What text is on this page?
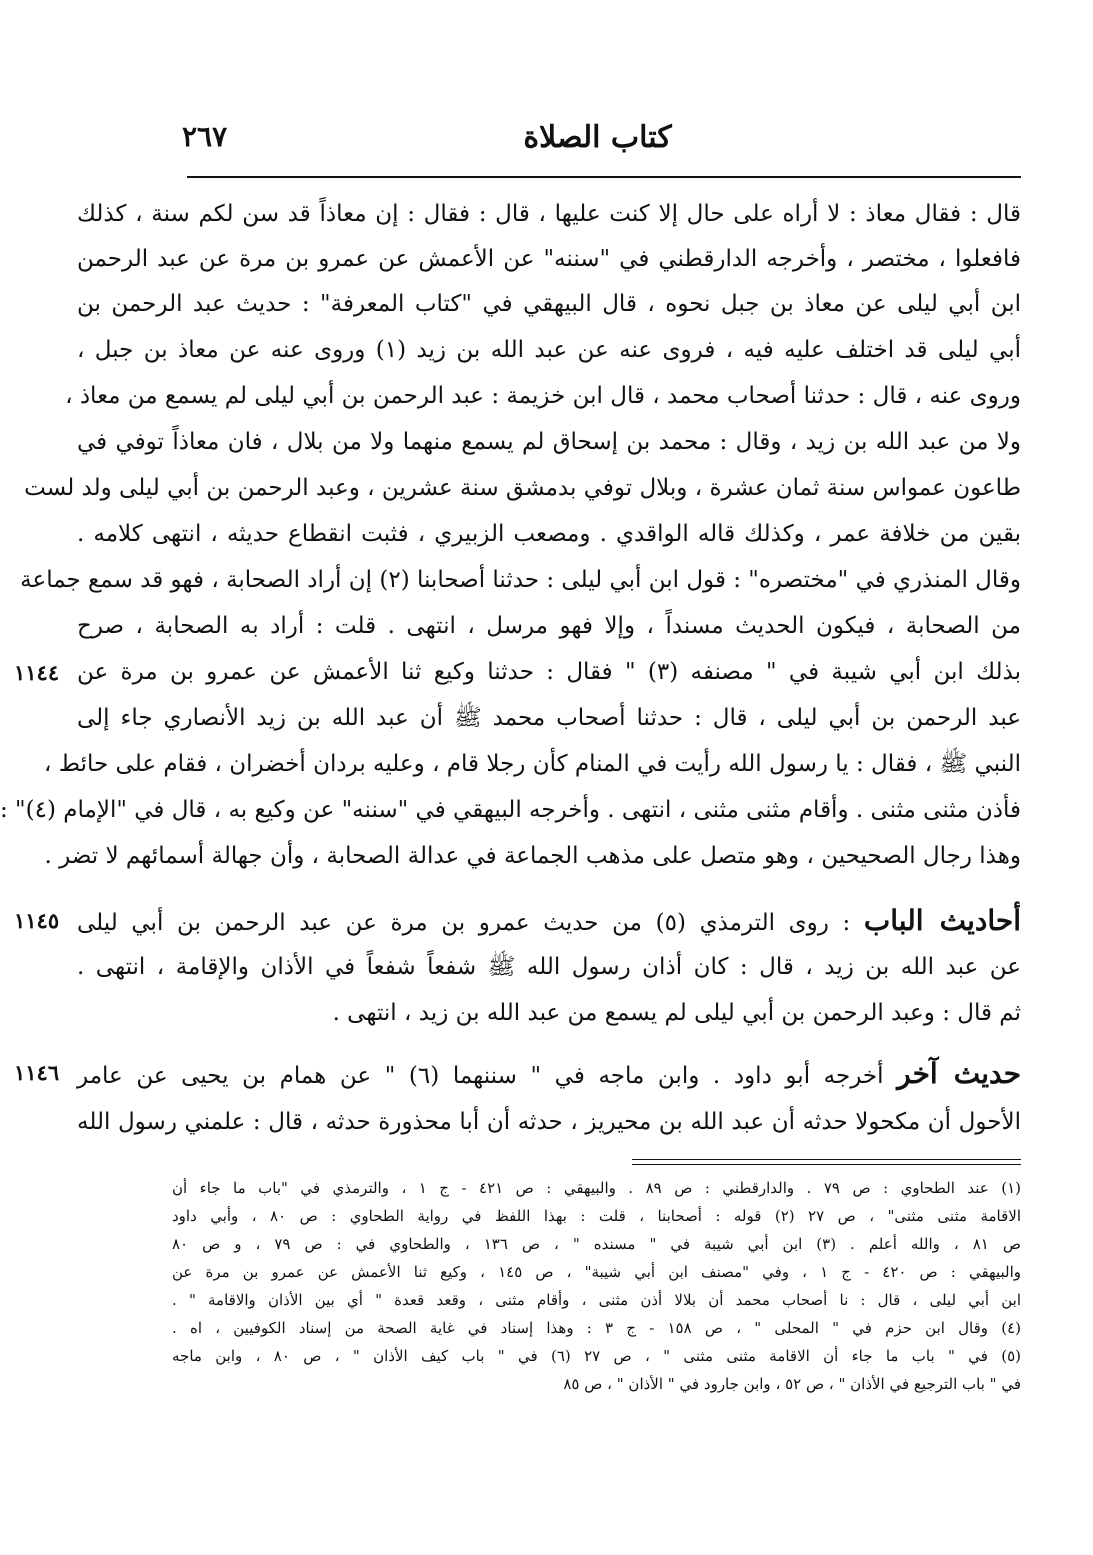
٢٦٧	كتاب الصلاة
قال : فقال معاذ : لا أراه على حال إلا كنت عليها ، قال : فقال : إن معاذاً قد سن لكم سنة ، كذلك
فافعلوا ، مختصر ، وأخرجه الدارقطني في "سننه" عن الأعمش عن عمرو بن مرة عن عبد الرحمن
ابن أبي ليلى عن معاذ بن جبل نحوه ، قال البيهقي في "كتاب المعرفة" : حديث عبد الرحمن بن
أبي ليلى قد اختلف عليه فيه ، فروى عنه عن عبد الله بن زيد (١) وروى عنه عن معاذ بن جبل ،
وروى عنه ، قال : حدثنا أصحاب محمد ، قال ابن خزيمة : عبد الرحمن بن أبي ليلى لم يسمع من معاذ ،
ولا من عبد الله بن زيد ، وقال : محمد بن إسحاق لم يسمع منهما ولا من بلال ، فان معاذاً توفي في
طاعون عمواس سنة ثمان عشرة ، وبلال توفي بدمشق سنة عشرين ، وعبد الرحمن بن أبي ليلى ولد لست
بقين من خلافة عمر ، وكذلك قاله الواقدي . ومصعب الزبيري ، فثبت انقطاع حديثه ، انتهى كلامه .
وقال المنذري في "مختصره" : قول ابن أبي ليلى : حدثنا أصحابنا (٢) إن أراد الصحابة ، فهو قد سمع جماعة
من الصحابة ، فيكون الحديث مسنداً ، وإلا فهو مرسل ، انتهى . قلت : أراد به الصحابة ، صرح
بذلك ابن أبي شيبة في " مصنفه (٣) " فقال : حدثنا وكيع ثنا الأعمش عن عمرو بن مرة عن
عبد الرحمن بن أبي ليلى ، قال : حدثنا أصحاب محمد ﷺ أن عبد الله بن زيد الأنصاري جاء إلى
النبي ﷺ ، فقال : يا رسول الله رأيت في المنام كأن رجلا قام ، وعليه بردان أخضران ، فقام على حائط ،
فأذن مثنى مثنى . وأقام مثنى مثنى ، انتهى . وأخرجه البيهقي في "سننه" عن وكيع به ، قال في "الإمام (٤)" :
وهذا رجال الصحيحين ، وهو متصل على مذهب الجماعة في عدالة الصحابة ، وأن جهالة أسمائهم لا تضر .
١١٤٤
أحاديث الباب : روى الترمذي (٥) من حديث عمرو بن مرة عن عبد الرحمن بن أبي ليلى
عن عبد الله بن زيد ، قال : كان أذان رسول الله ﷺ شفعاً شفعاً في الأذان والإقامة ، انتهى .
ثم قال : وعبد الرحمن بن أبي ليلى لم يسمع من عبد الله بن زيد ، انتهى .
١١٤٥
حديث آخر أخرجه أبو داود . وابن ماجه في " سننهما (٦) " عن همام بن يحيى عن عامر
الأحول أن مكحولا حدثه أن عبد الله بن محيريز ، حدثه أن أبا محذورة حدثه ، قال : علمني رسول الله
١١٤٦
(١) عند الطحاوي : ص ٧٩ . والدارقطني : ص ٨٩ . والبيهقي : ص ٤٢١ - ج ١ ، والترمذي في "باب ما جاء أن
الاقامة مثنى مثنى" ، ص ٢٧ (٢) قوله : أصحابنا ، قلت : بهذا اللفظ في رواية الطحاوي : ص ٨٠ ، وأبي داود
ص ٨١ ، والله أعلم . (٣) ابن أبي شيبة في " مسنده " ، ص ١٣٦ ، والطحاوي في : ص ٧٩ ، و ص ٨٠
والبيهقي : ص ٤٢٠ - ج ١ ، وفي "مصنف ابن أبي شيبة" ، ص ١٤٥ ، وكيع ثنا الأعمش عن عمرو بن مرة عن
ابن أبي ليلى ، قال : نا أصحاب محمد أن بلالا أذن مثنى ، وأقام مثنى ، وقعد قعدة " أي بين الأذان والاقامة " .
(٤) وقال ابن حزم في " المحلى " ، ص ١٥٨ - ج ٣ : وهذا إسناد في غاية الصحة من إسناد الكوفيين ، اه .
(٥) في " باب ما جاء أن الاقامة مثنى مثنى " ، ص ٢٧ (٦) في " باب كيف الأذان " ، ص ٨٠ ، وابن ماجه
في " باب الترجيع في الأذان " ، ص ٥٢ ، وابن جارود في " الأذان " ، ص ٨٥
